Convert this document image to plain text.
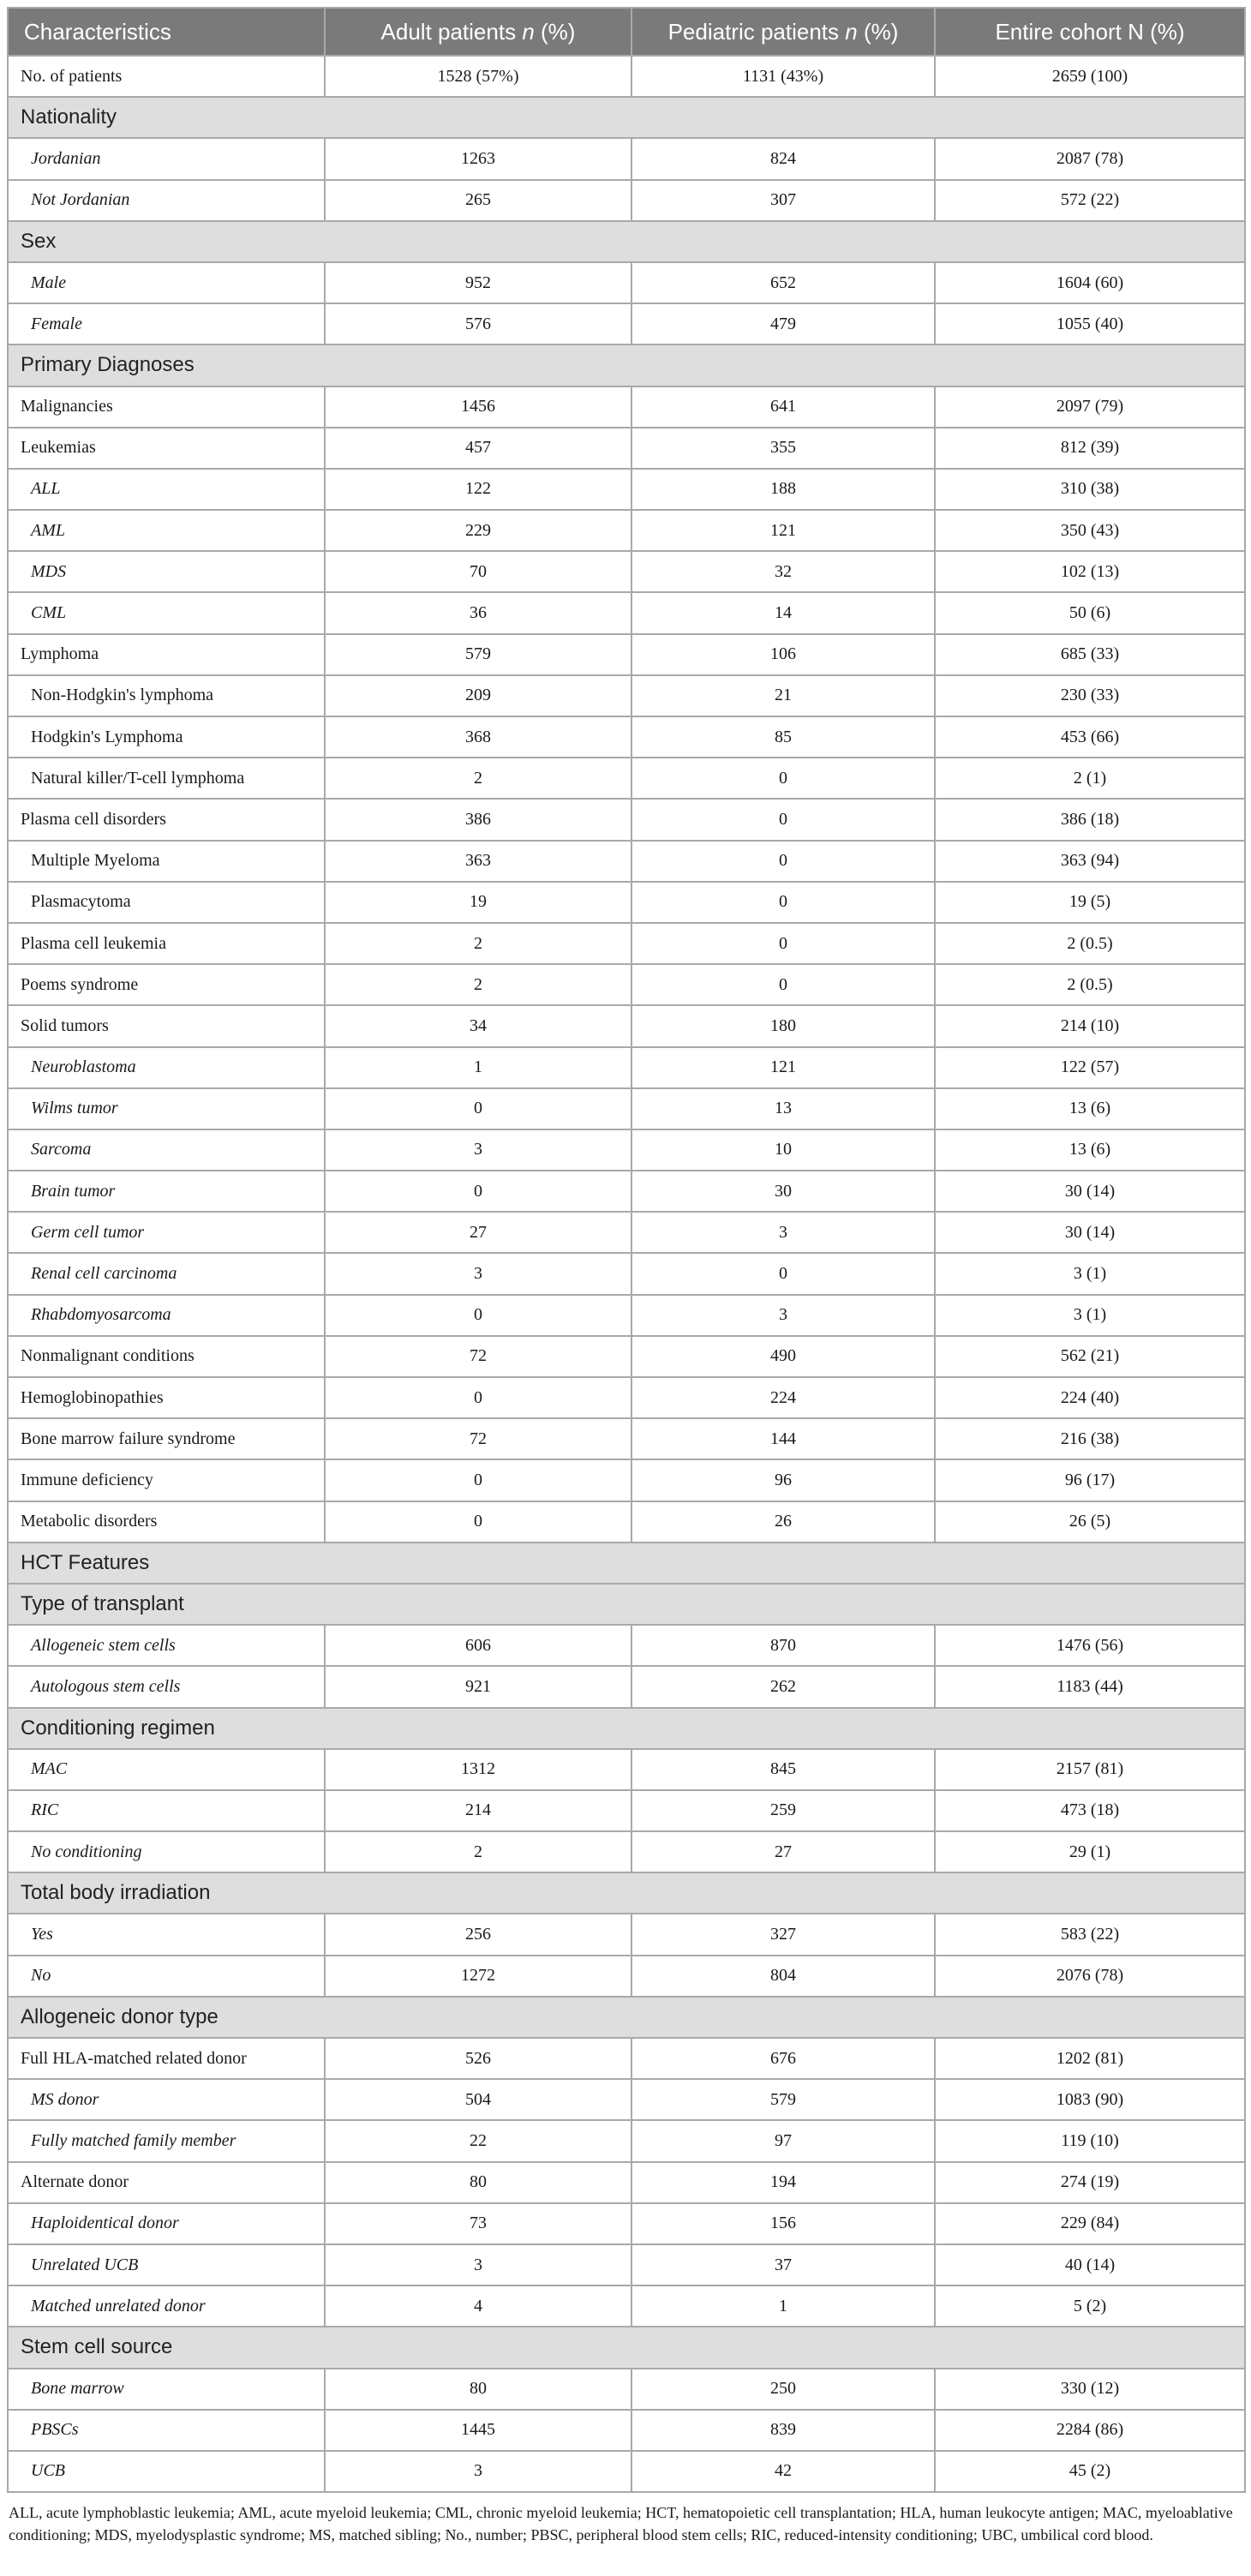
Characteristics	Adult patients n (%)	Pediatric patients n (%)	Entire cohort N (%)
No. of patients	1528 (57%)	1131 (43%)	2659 (100)
Nationality			
Jordanian	1263	824	2087 (78)
Not Jordanian	265	307	572 (22)
Sex			
Male	952	652	1604 (60)
Female	576	479	1055 (40)
Primary Diagnoses			
Malignancies	1456	641	2097 (79)
Leukemias	457	355	812 (39)
ALL	122	188	310 (38)
AML	229	121	350 (43)
MDS	70	32	102 (13)
CML	36	14	50 (6)
Lymphoma	579	106	685 (33)
Non-Hodgkin's lymphoma	209	21	230 (33)
Hodgkin's Lymphoma	368	85	453 (66)
Natural killer/T-cell lymphoma	2	0	2 (1)
Plasma cell disorders	386	0	386 (18)
Multiple Myeloma	363	0	363 (94)
Plasmacytoma	19	0	19 (5)
Plasma cell leukemia	2	0	2 (0.5)
Poems syndrome	2	0	2 (0.5)
Solid tumors	34	180	214 (10)
Neuroblastoma	1	121	122 (57)
Wilms tumor	0	13	13 (6)
Sarcoma	3	10	13 (6)
Brain tumor	0	30	30 (14)
Germ cell tumor	27	3	30 (14)
Renal cell carcinoma	3	0	3 (1)
Rhabdomyosarcoma	0	3	3 (1)
Nonmalignant conditions	72	490	562 (21)
Hemoglobinopathies	0	224	224 (40)
Bone marrow failure syndrome	72	144	216 (38)
Immune deficiency	0	96	96 (17)
Metabolic disorders	0	26	26 (5)
HCT Features			
Type of transplant			
Allogeneic stem cells	606	870	1476 (56)
Autologous stem cells	921	262	1183 (44)
Conditioning regimen			
MAC	1312	845	2157 (81)
RIC	214	259	473 (18)
No conditioning	2	27	29 (1)
Total body irradiation			
Yes	256	327	583 (22)
No	1272	804	2076 (78)
Allogeneic donor type			
Full HLA-matched related donor	526	676	1202 (81)
MS donor	504	579	1083 (90)
Fully matched family member	22	97	119 (10)
Alternate donor	80	194	274 (19)
Haploidentical donor	73	156	229 (84)
Unrelated UCB	3	37	40 (14)
Matched unrelated donor	4	1	5 (2)
Stem cell source			
Bone marrow	80	250	330 (12)
PBSCs	1445	839	2284 (86)
UCB	3	42	45 (2)
ALL, acute lymphoblastic leukemia; AML, acute myeloid leukemia; CML, chronic myeloid leukemia; HCT, hematopoietic cell transplantation; HLA, human leukocyte antigen; MAC, myeloablative conditioning; MDS, myelodysplastic syndrome; MS, matched sibling; No., number; PBSC, peripheral blood stem cells; RIC, reduced-intensity conditioning; UBC, umbilical cord blood.
